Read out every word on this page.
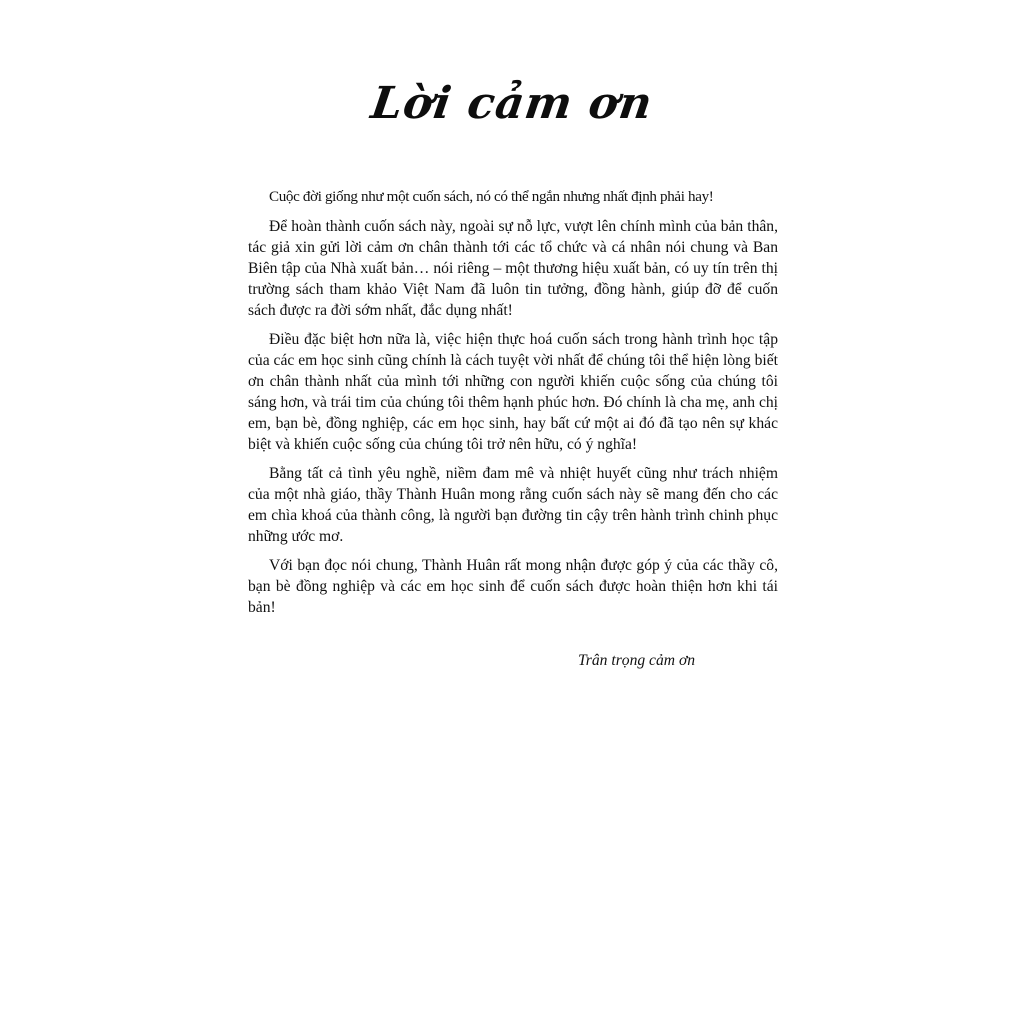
Lời cảm ơn

Cuộc đời giống như một cuốn sách, nó có thể ngắn nhưng nhất định phải hay!

Để hoàn thành cuốn sách này, ngoài sự nỗ lực, vượt lên chính mình của bản thân, tác giả xin gửi lời cảm ơn chân thành tới các tổ chức và cá nhân nói chung và Ban Biên tập của Nhà xuất bản… nói riêng – một thương hiệu xuất bản, có uy tín trên thị trường sách tham khảo Việt Nam đã luôn tin tưởng, đồng hành, giúp đỡ để cuốn sách được ra đời sớm nhất, đắc dụng nhất!

Điều đặc biệt hơn nữa là, việc hiện thực hoá cuốn sách trong hành trình học tập của các em học sinh cũng chính là cách tuyệt vời nhất để chúng tôi thể hiện lòng biết ơn chân thành nhất của mình tới những con người khiến cuộc sống của chúng tôi sáng hơn, và trái tim của chúng tôi thêm hạnh phúc hơn. Đó chính là cha mẹ, anh chị em, bạn bè, đồng nghiệp, các em học sinh, hay bất cứ một ai đó đã tạo nên sự khác biệt và khiến cuộc sống của chúng tôi trở nên hữu, có ý nghĩa!

Bằng tất cả tình yêu nghề, niềm đam mê và nhiệt huyết cũng như trách nhiệm của một nhà giáo, thầy Thành Huân mong rằng cuốn sách này sẽ mang đến cho các em chìa khoá của thành công, là người bạn đường tin cậy trên hành trình chinh phục những ước mơ.

Với bạn đọc nói chung, Thành Huân rất mong nhận được góp ý của các thầy cô, bạn bè đồng nghiệp và các em học sinh để cuốn sách được hoàn thiện hơn khi tái bản!

Trân trọng cảm ơn
